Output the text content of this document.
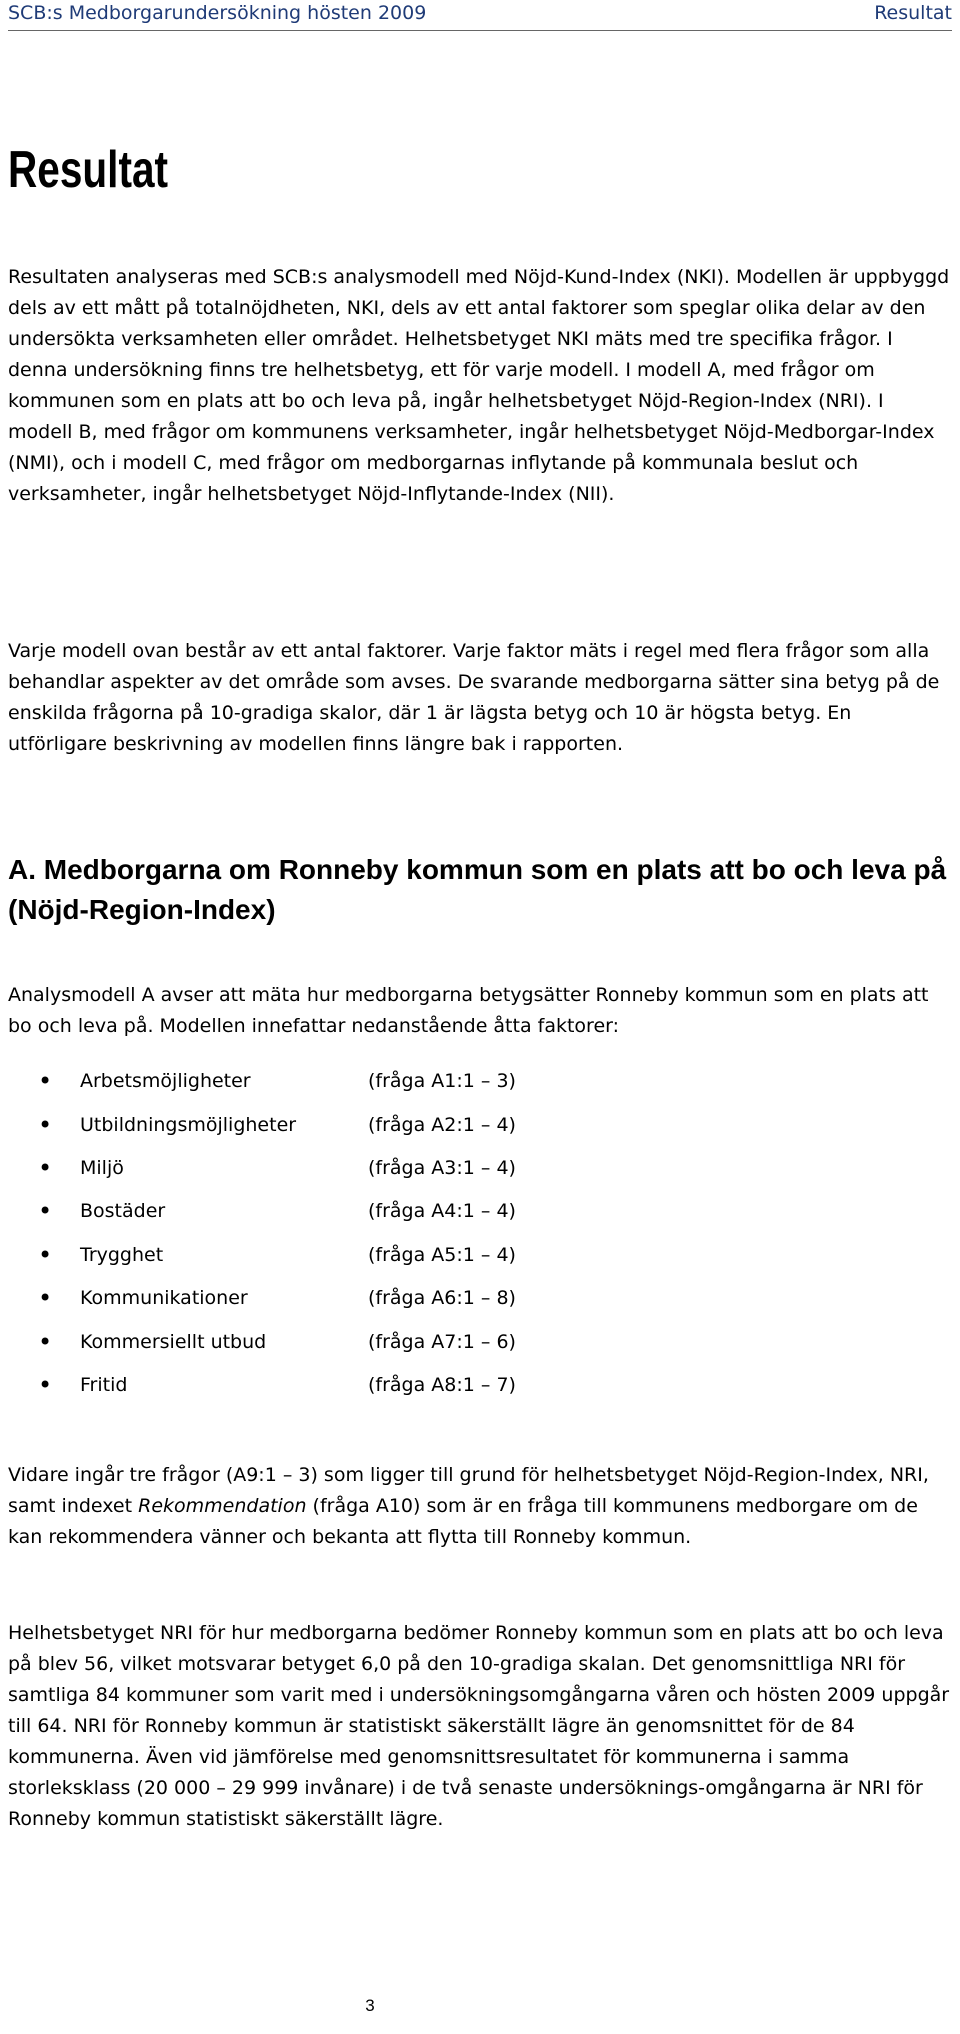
SCB:s Medborgarundersökning hösten 2009	Resultat
Resultat

Resultaten analyseras med SCB:s analysmodell med Nöjd-Kund-Index (NKI). Modellen är uppbyggd dels av ett mått på totalnöjdheten, NKI, dels av ett antal faktorer som speglar olika delar av den undersökta verksamheten eller området. Helhetsbetyget NKI mäts med tre specifika frågor. I denna undersökning finns tre helhetsbetyg, ett för varje modell. I modell A, med frågor om kommunen som en plats att bo och leva på, ingår helhetsbetyget Nöjd-Region-Index (NRI). I modell B, med frågor om kommunens verksamheter, ingår helhetsbetyget Nöjd-Medborgar-Index (NMI), och i modell C, med frågor om medborgarnas inflytande på kommunala beslut och verksamheter, ingår helhetsbetyget Nöjd-Inflytande-Index (NII).

Varje modell ovan består av ett antal faktorer. Varje faktor mäts i regel med flera frågor som alla behandlar aspekter av det område som avses. De svarande medborgarna sätter sina betyg på de enskilda frågorna på 10-gradiga skalor, där 1 är lägsta betyg och 10 är högsta betyg. En utförligare beskrivning av modellen finns längre bak i rapporten.

A. Medborgarna om Ronneby kommun som en plats att bo och leva på (Nöjd-Region-Index)

Analysmodell A avser att mäta hur medborgarna betygsätter Ronneby kommun som en plats att bo och leva på. Modellen innefattar nedanstående åtta faktorer:

• Arbetsmöjligheter	(fråga A1:1 – 3)
• Utbildningsmöjligheter	(fråga A2:1 – 4)
• Miljö	(fråga A3:1 – 4)
• Bostäder	(fråga A4:1 – 4)
• Trygghet	(fråga A5:1 – 4)
• Kommunikationer	(fråga A6:1 – 8)
• Kommersiellt utbud	(fråga A7:1 – 6)
• Fritid	(fråga A8:1 – 7)

Vidare ingår tre frågor (A9:1 – 3) som ligger till grund för helhetsbetyget Nöjd-Region-Index, NRI, samt indexet Rekommendation (fråga A10) som är en fråga till kommunens medborgare om de kan rekommendera vänner och bekanta att flytta till Ronneby kommun.

Helhetsbetyget NRI för hur medborgarna bedömer Ronneby kommun som en plats att bo och leva på blev 56, vilket motsvarar betyget 6,0 på den 10-gradiga skalan. Det genomsnittliga NRI för samtliga 84 kommuner som varit med i undersökningsomgångarna våren och hösten 2009 uppgår till 64. NRI för Ronneby kommun är statistiskt säkerställt lägre än genomsnittet för de 84 kommunerna. Även vid jämförelse med genomsnittsresultatet för kommunerna i samma storleksklass (20 000 – 29 999 invånare) i de två senaste undersöknings-omgångarna är NRI för Ronneby kommun statistiskt säkerställt lägre.

3
